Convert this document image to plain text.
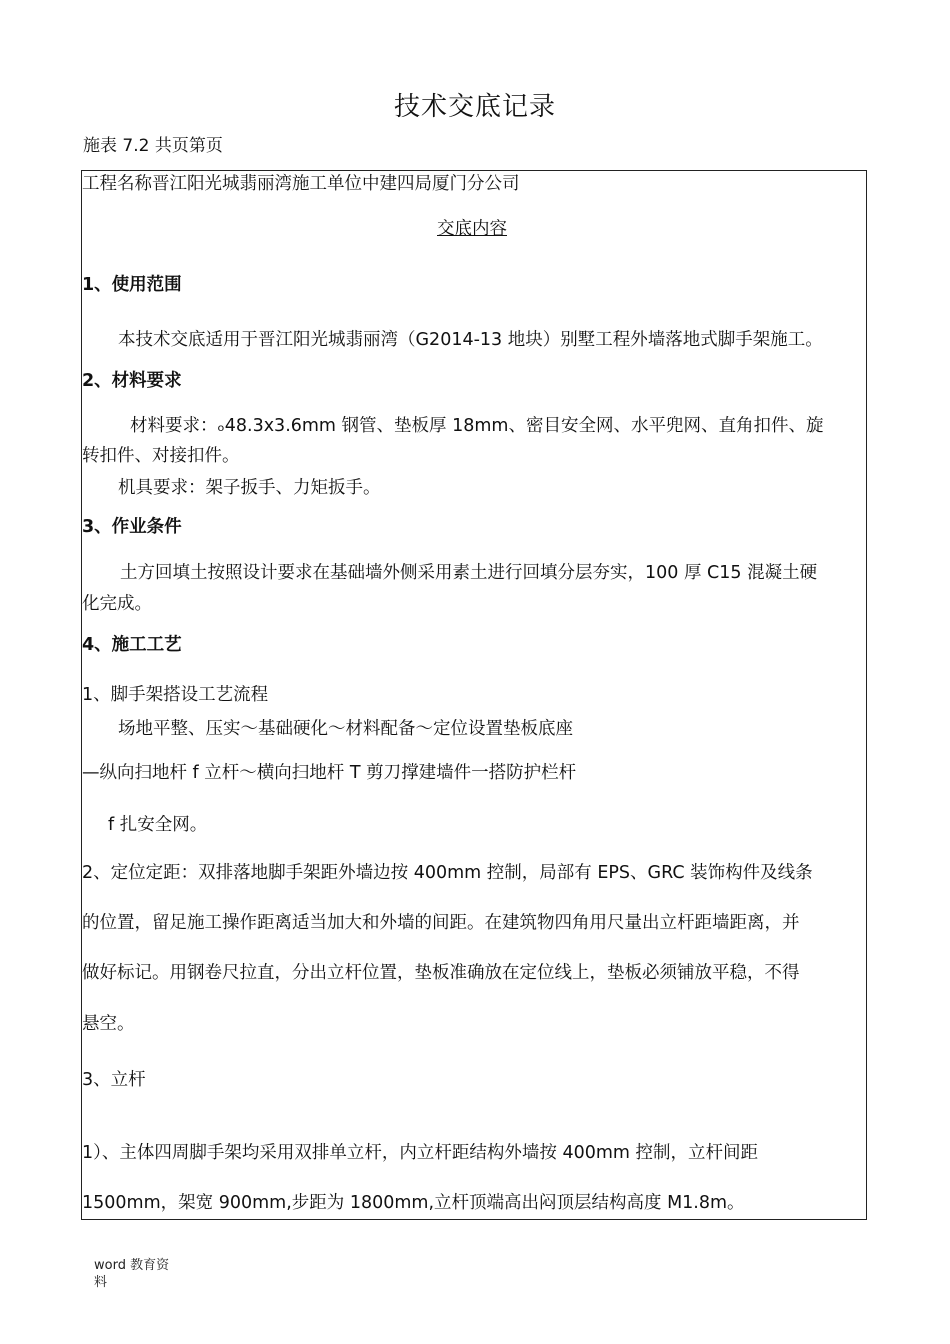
技术交底记录
施表 7.2 共页第页
工程名称晋江阳光城翡丽湾施工单位中建四局厦门分公司
交底内容
1、使用范围
本技术交底适用于晋江阳光城翡丽湾（G2014-13 地块）别墅工程外墙落地式脚手架施工。
2、材料要求
材料要求：ₒ48.3x3.6mm 钢管、垫板厚 18mm、密目安全网、水平兜网、直角扣件、旋
转扣件、对接扣件。
机具要求：架子扳手、力矩扳手。
3、作业条件
土方回填土按照设计要求在基础墙外侧采用素土进行回填分层夯实，100 厚 C15 混凝土硬
化完成。
4、施工工艺
1、脚手架搭设工艺流程
场地平整、压实〜基础硬化〜材料配备〜定位设置垫板底座
—纵向扫地杆 f 立杆〜横向扫地杆 T 剪刀撑建墙件一搭防护栏杆
f 扎安全网。
2、定位定距：双排落地脚手架距外墙边按 400mm 控制，局部有 EPS、GRC 装饰构件及线条
的位置，留足施工操作距离适当加大和外墙的间距。在建筑物四角用尺量出立杆距墙距离，并
做好标记。用钢卷尺拉直，分出立杆位置，垫板准确放在定位线上，垫板必须铺放平稳，不得
悬空。
3、立杆
1）、主体四周脚手架均采用双排单立杆，内立杆距结构外墙按 400mm 控制，立杆间距
1500mm，架宽 900mm,步距为 1800mm,立杆顶端高出闷顶层结构高度 M1.8m。
word 教育资
料
